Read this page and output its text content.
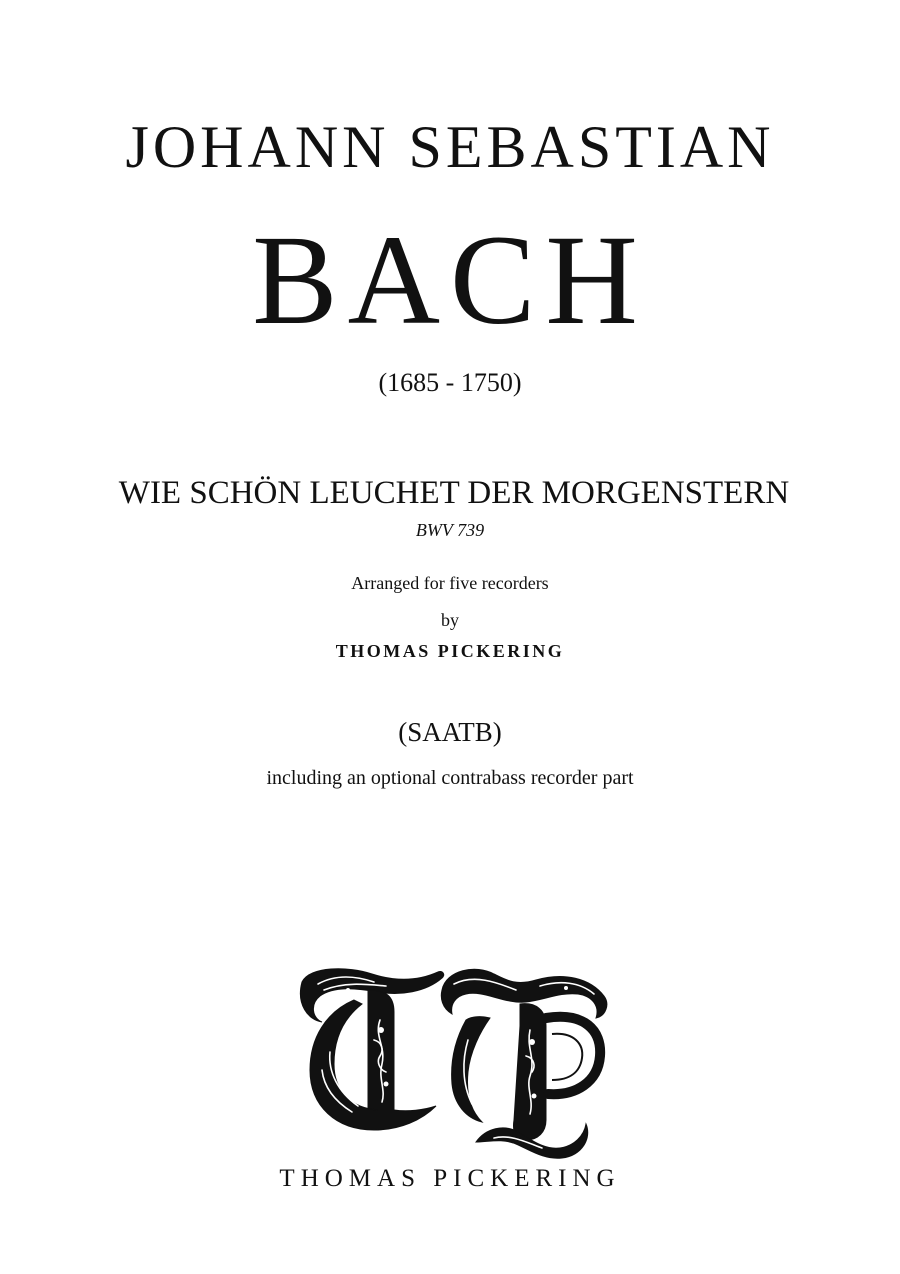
JOHANN SEBASTIAN
BACH
(1685 - 1750)
WIE SCHÖN LEUCHET DER MORGENSTERN
BWV 739
Arranged for five recorders
by
THOMAS PICKERING
(SAATB)
including an optional contrabass recorder part
THOMAS PICKERING
